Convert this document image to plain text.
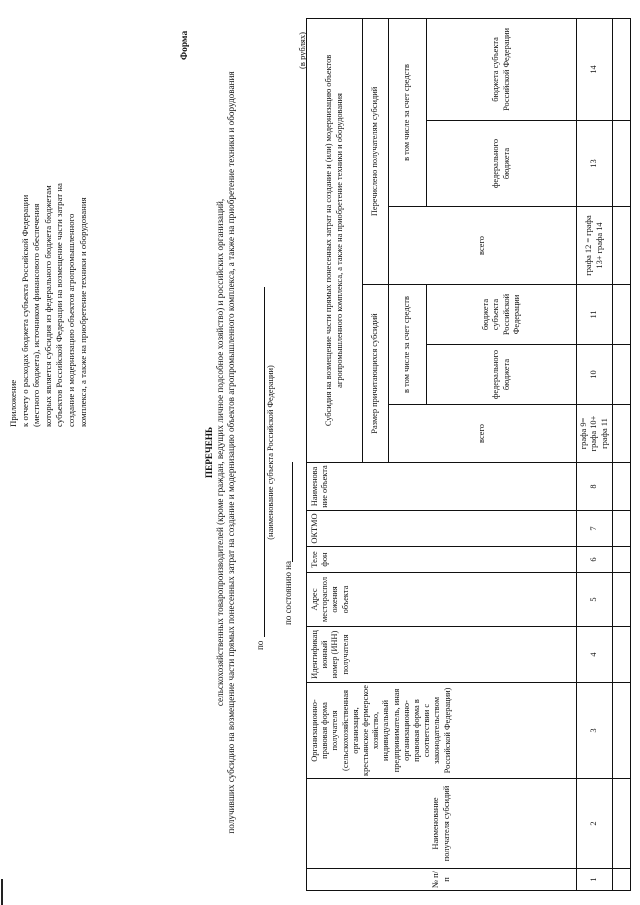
Приложение к отчету о расходах бюджета субъекта Российской Федерации (местного бюджета), источником финансового обеспечения которых является субсидия из федерального бюджета бюджетам субъектов Российской Федерации на возмещение части затрат на создание и модернизацию объектов агропромышленного комплекса, а также на приобретение техники и оборудования
Форма
ПЕРЕЧЕНЬ сельскохозяйственных товаропроизводителей (кроме граждан, ведущих личное подсобное хозяйство) и российских организаций, получивших субсидию на возмещение части прямых понесенных затрат на создание и модернизацию объектов агропромышленного комплекса, а также на приобретение техники и оборудования по
(наименование субъекта Российской Федерации)
по состоянию на
(в рублях)
№ п/п	Наименование получателя субсидий	Организационно-правовая форма получателя (сельскохозяйственная организация, крестьянское фермерское хозяйство, индивидуальный предприниматель, иная организационно-правовая форма в соответствии с законодательством Российской Федерации)	Идентификационный номер (ИНН) получателя	Адрес месторасположения объекта	Телефон	ОКТМО	Наименование объекта	Субсидия на возмещение части прямых понесенных затрат на создание и (или) модернизацию объектов агропромышленного комплекса, а также на приобретение техники и оборудования					
								Размер причитающихся субсидий			Перечислено получателям субсидий		
								всего	в том числе за счет средств		всего	в том числе за счет средств	
									федерального бюджета	бюджета субъекта Российской Федерации		федерального бюджета	бюджета субъекта Российской Федерации
1	2	3	4	5	6	7	8	графа 9= графа 10+ графа 11	10	11	графа 12 = графа 13+ графа 14	13	14
